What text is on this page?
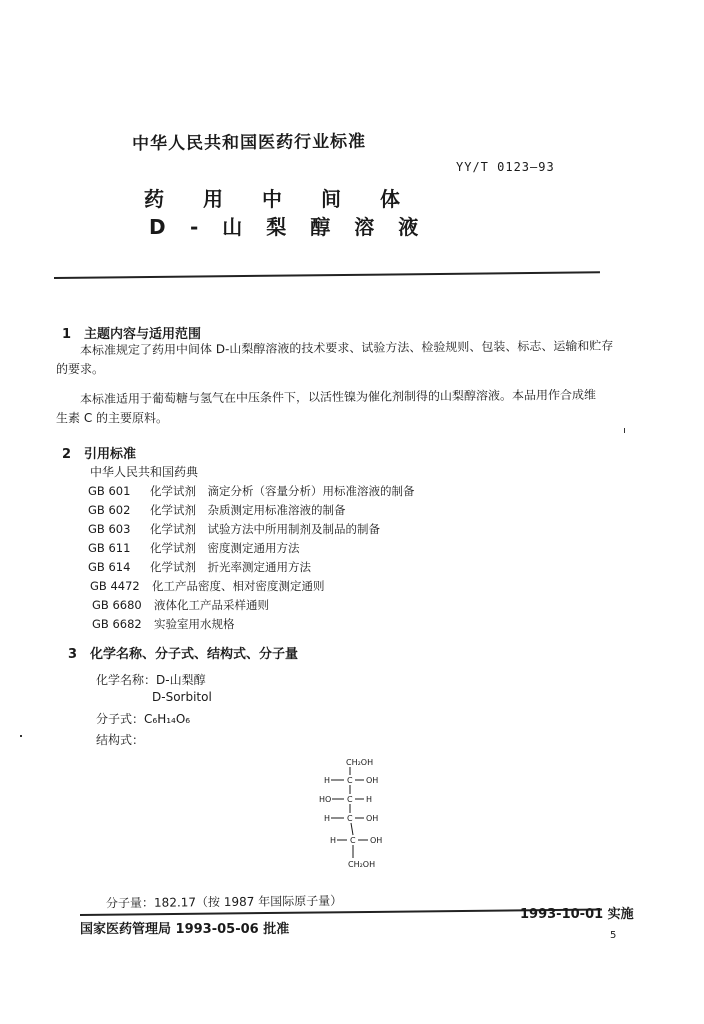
中华人民共和国医药行业标准
YY/T 0123—93
药用中间体
D-山梨醇溶液
1　主题内容与适用范围
本标准规定了药用中间体 D-山梨醇溶液的技术要求、试验方法、检验规则、包装、标志、运输和贮存
的要求。
本标准适用于葡萄糖与氢气在中压条件下，以活性镍为催化剂制得的山梨醇溶液。本品用作合成维
生素 C 的主要原料。
2　引用标准
中华人民共和国药典
GB 601 化学试剂　滴定分析（容量分析）用标准溶液的制备
GB 602 化学试剂　杂质测定用标准溶液的制备
GB 603 化学试剂　试验方法中所用制剂及制品的制备
GB 611 化学试剂　密度测定通用方法
GB 614 化学试剂　折光率测定通用方法
GB 4472 化工产品密度、相对密度测定通则
GB 6680 液体化工产品采样通则
GB 6682 实验室用水规格
3　化学名称、分子式、结构式、分子量
化学名称：D-山梨醇
D-Sorbitol
分子式：C₆H₁₄O₆
结构式：
CH₂OH
H C OH
HO C H
H C OH
H C OH
CH₂OH
分子量：182.17（按 1987 年国际原子量）
国家医药管理局 1993-05-06 批准
1993-10-01 实施
5
